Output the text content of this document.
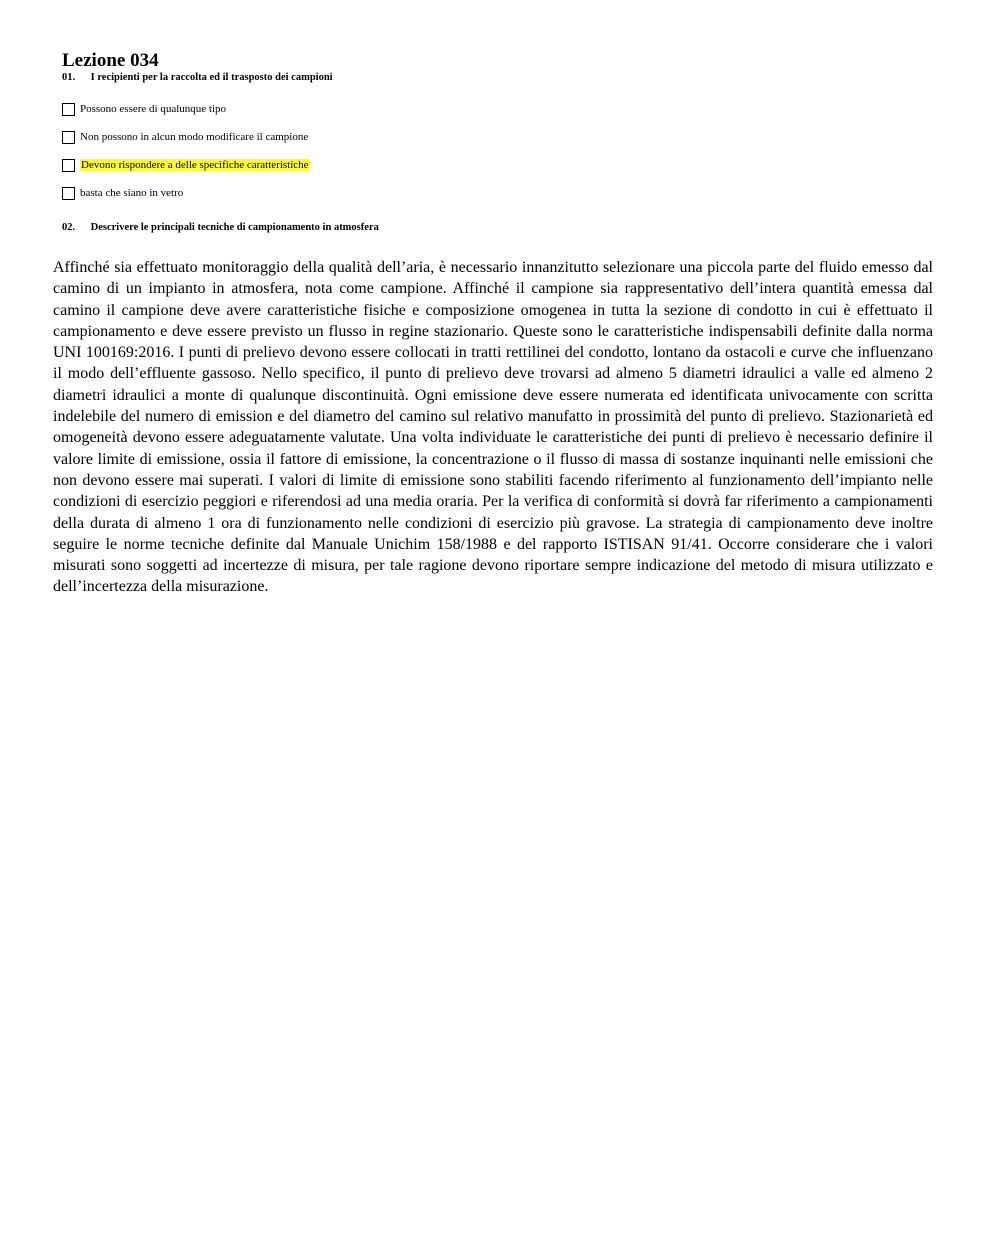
Lezione 034
01. I recipienti per la raccolta ed il trasposto dei campioni
Possono essere di qualunque tipo
Non possono in alcun modo modificare il campione
Devono rispondere a delle specifiche caratteristiche
basta che siano in vetro
02. Descrivere le principali tecniche di campionamento in atmosfera

Affinché sia effettuato monitoraggio della qualità dell’aria, è necessario innanzitutto selezionare una piccola parte del fluido emesso dal camino di un impianto in atmosfera, nota come campione. Affinché il campione sia rappresentativo dell’intera quantità emessa dal camino il campione deve avere caratteristiche fisiche e composizione omogenea in tutta la sezione di condotto in cui è effettuato il campionamento e deve essere previsto un flusso in regine stazionario. Queste sono le caratteristiche indispensabili definite dalla norma UNI 100169:2016. I punti di prelievo devono essere collocati in tratti rettilinei del condotto, lontano da ostacoli e curve che influenzano il modo dell’effluente gassoso. Nello specifico, il punto di prelievo deve trovarsi ad almeno 5 diametri idraulici a valle ed almeno 2 diametri idraulici a monte di qualunque discontinuità. Ogni emissione deve essere numerata ed identificata univocamente con scritta indelebile del numero di emission e del diametro del camino sul relativo manufatto in prossimità del punto di prelievo. Stazionarietà ed omogeneità devono essere adeguatamente valutate. Una volta individuate le caratteristiche dei punti di prelievo è necessario definire il valore limite di emissione, ossia il fattore di emissione, la concentrazione o il flusso di massa di sostanze inquinanti nelle emissioni che non devono essere mai superati. I valori di limite di emissione sono stabiliti facendo riferimento al funzionamento dell’impianto nelle condizioni di esercizio peggiori e riferendosi ad una media oraria. Per la verifica di conformità si dovrà far riferimento a campionamenti della durata di almeno 1 ora di funzionamento nelle condizioni di esercizio più gravose. La strategia di campionamento deve inoltre seguire le norme tecniche definite dal Manuale Unichim 158/1988 e del rapporto ISTISAN 91/41. Occorre considerare che i valori misurati sono soggetti ad incertezze di misura, per tale ragione devono riportare sempre indicazione del metodo di misura utilizzato e dell’incertezza della misurazione.
